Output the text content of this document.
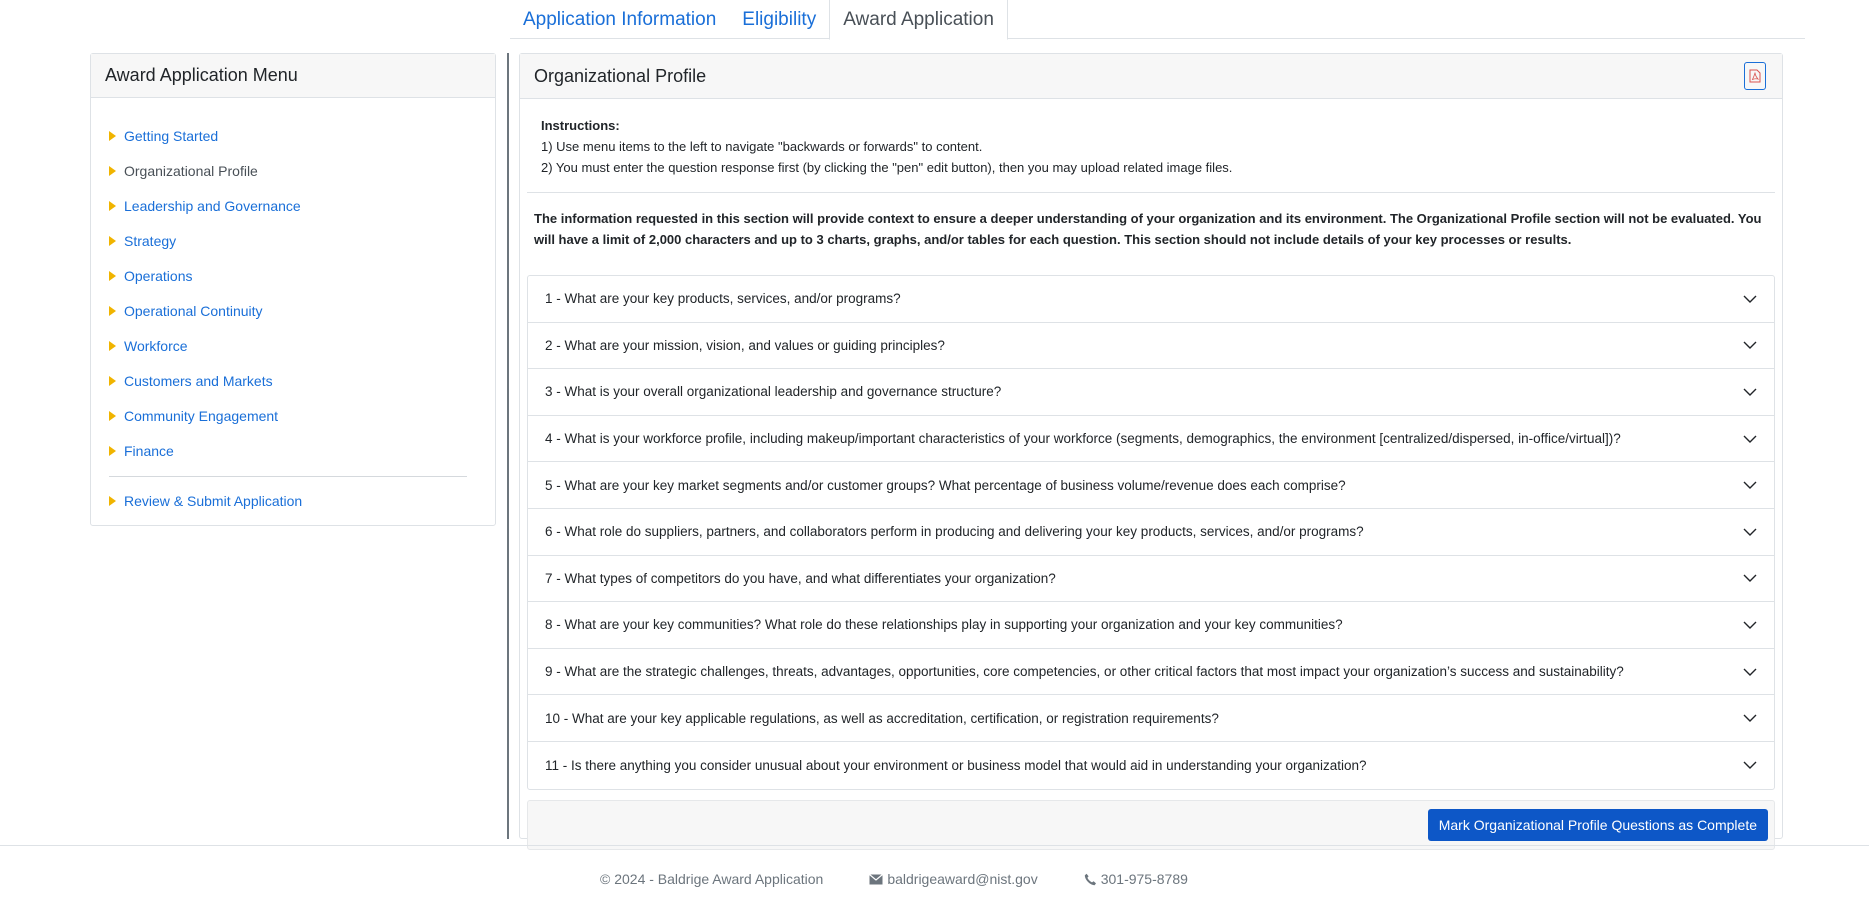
Application Information	Eligibility	Award Application
Award Application Menu
Getting Started
Organizational Profile
Leadership and Governance
Strategy
Operations
Operational Continuity
Workforce
Customers and Markets
Community Engagement
Finance
Review & Submit Application
Organizational Profile
Instructions:
1) Use menu items to the left to navigate "backwards or forwards" to content.
2) You must enter the question response first (by clicking the "pen" edit button), then you may upload related image files.
The information requested in this section will provide context to ensure a deeper understanding of your organization and its environment. The Organizational Profile section will not be evaluated. You will have a limit of 2,000 characters and up to 3 charts, graphs, and/or tables for each question. This section should not include details of your key processes or results.
1 - What are your key products, services, and/or programs?
2 - What are your mission, vision, and values or guiding principles?
3 - What is your overall organizational leadership and governance structure?
4 - What is your workforce profile, including makeup/important characteristics of your workforce (segments, demographics, the environment [centralized/dispersed, in-office/virtual])?
5 - What are your key market segments and/or customer groups? What percentage of business volume/revenue does each comprise?
6 - What role do suppliers, partners, and collaborators perform in producing and delivering your key products, services, and/or programs?
7 - What types of competitors do you have, and what differentiates your organization?
8 - What are your key communities? What role do these relationships play in supporting your organization and your key communities?
9 - What are the strategic challenges, threats, advantages, opportunities, core competencies, or other critical factors that most impact your organization’s success and sustainability?
10 - What are your key applicable regulations, as well as accreditation, certification, or registration requirements?
11 - Is there anything you consider unusual about your environment or business model that would aid in understanding your organization?
Mark Organizational Profile Questions as Complete
© 2024 - Baldrige Award Application	baldrigeaward@nist.gov	301-975-8789
